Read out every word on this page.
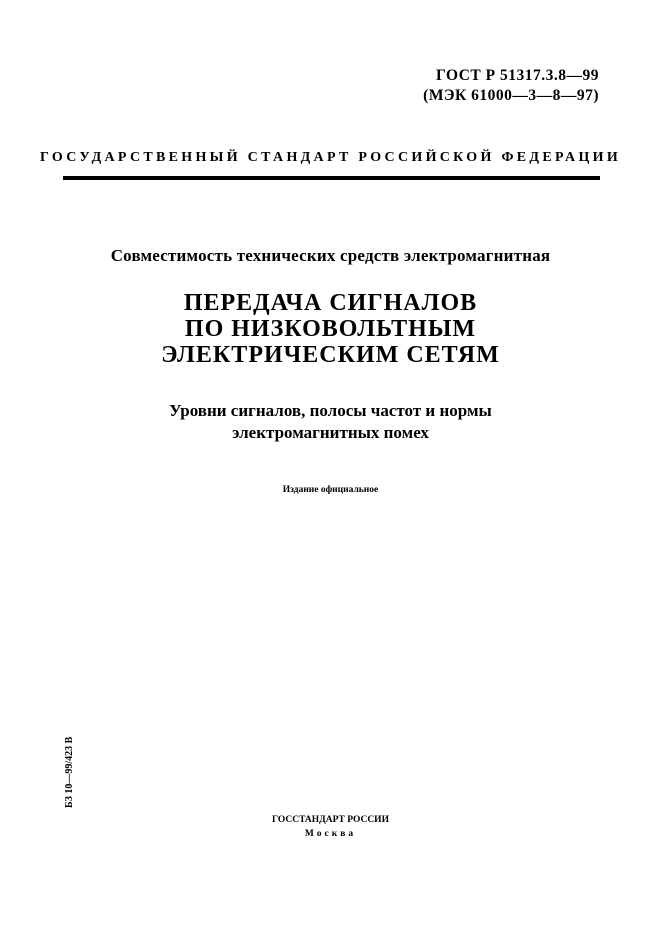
ГОСТ Р 51317.3.8—99
(МЭК 61000—3—8—97)
ГОСУДАРСТВЕННЫЙ СТАНДАРТ РОССИЙСКОЙ ФЕДЕРАЦИИ
Совместимость технических средств электромагнитная
ПЕРЕДАЧА СИГНАЛОВ
ПО НИЗКОВОЛЬТНЫМ
ЭЛЕКТРИЧЕСКИМ СЕТЯМ
Уровни сигналов, полосы частот и нормы
электромагнитных помех
Издание официальное
БЗ 10—99/423 В
ГОССТАНДАРТ РОССИИ
Москва
